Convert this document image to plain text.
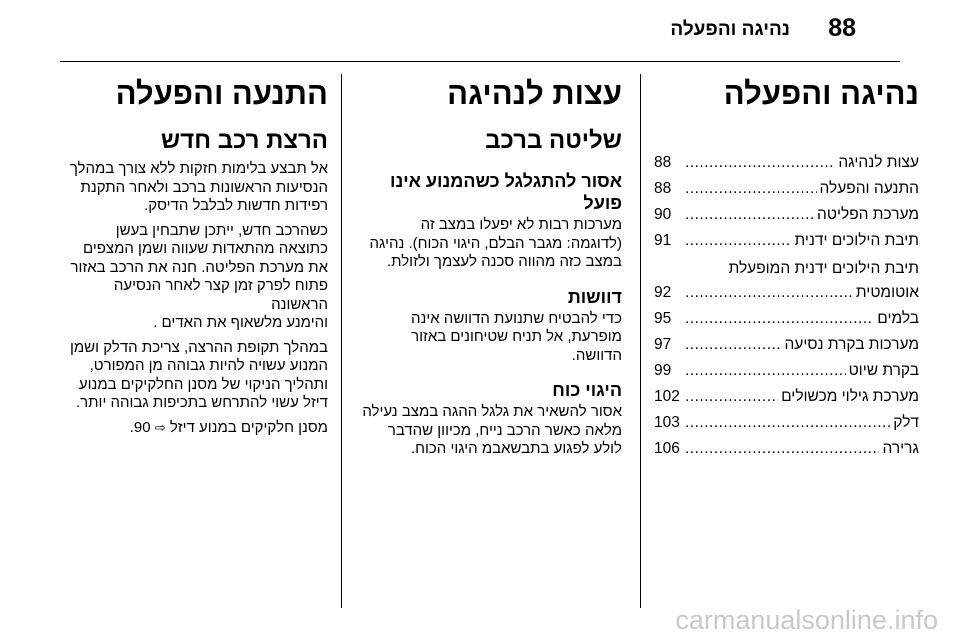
88
נהיגה והפעלה
נהיגה והפעלה
עצות לנהיגה
.....
88
התנעה והפעלה
.....
88
מערכת הפליטה
.....
90
תיבת הילוכים ידנית
.....
91
תיבת הילוכים ידנית המופעלת
אוטומטית
.....
92
בלמים
.....
95
מערכות בקרת נסיעה
.....
97
בקרת שיוט
.....
99
מערכת גילוי מכשולים
.....
102
דלק
.....
103
גרירה
.....
106
עצות לנהיגה
שליטה ברכב
אסור להתגלגל כשהמנוע אינו פועל

מערכות רבות לא יפעלו במצב זה
(לדוגמה: מגבר הבלם, היגוי הכוח). נהיגה
במצב כזה מהווה סכנה לעצמך ולזולת.

דוושות

כדי להבטיח שתנועת הדוושה אינה
מופרעת, אל תניח שטיחונים באזור
הדוושה.

היגוי כוח

אסור להשאיר את גלגל ההגה במצב נעילה
מלאה כאשר הרכב נייח, מכיוון שהדבר
לולע לפגוע בתבשאבמ היגוי הכוח.

התנעה והפעלה
הרצת רכב חדש

אל תבצע בלימות חזקות ללא צורך במהלך
הנסיעות הראשונות ברכב ולאחר התקנת
רפידות חדשות לבלבל הדיסק.

כשהרכב חדש, ייתכן שתבחין בעשן
כתוצאה מהתאדות שעווה ושמן המצפים
את מערכת הפליטה. חנה את הרכב באזור
פתוח לפרק זמן קצר לאחר הנסיעה הראשונה
והימנע מלשאוף את האדים .

במהלך תקופת ההרצה, צריכת הדלק ושמן
המנוע עשויה להיות גבוהה מן המפורט,
ותהליך הניקוי של מסנן החלקיקים במנוע
דיזל עשוי להתרחש בתכיפות גבוהה יותר.

מסנן חלקיקים במנוע דיזל ⇨ 90.

carmanualsonline.info
